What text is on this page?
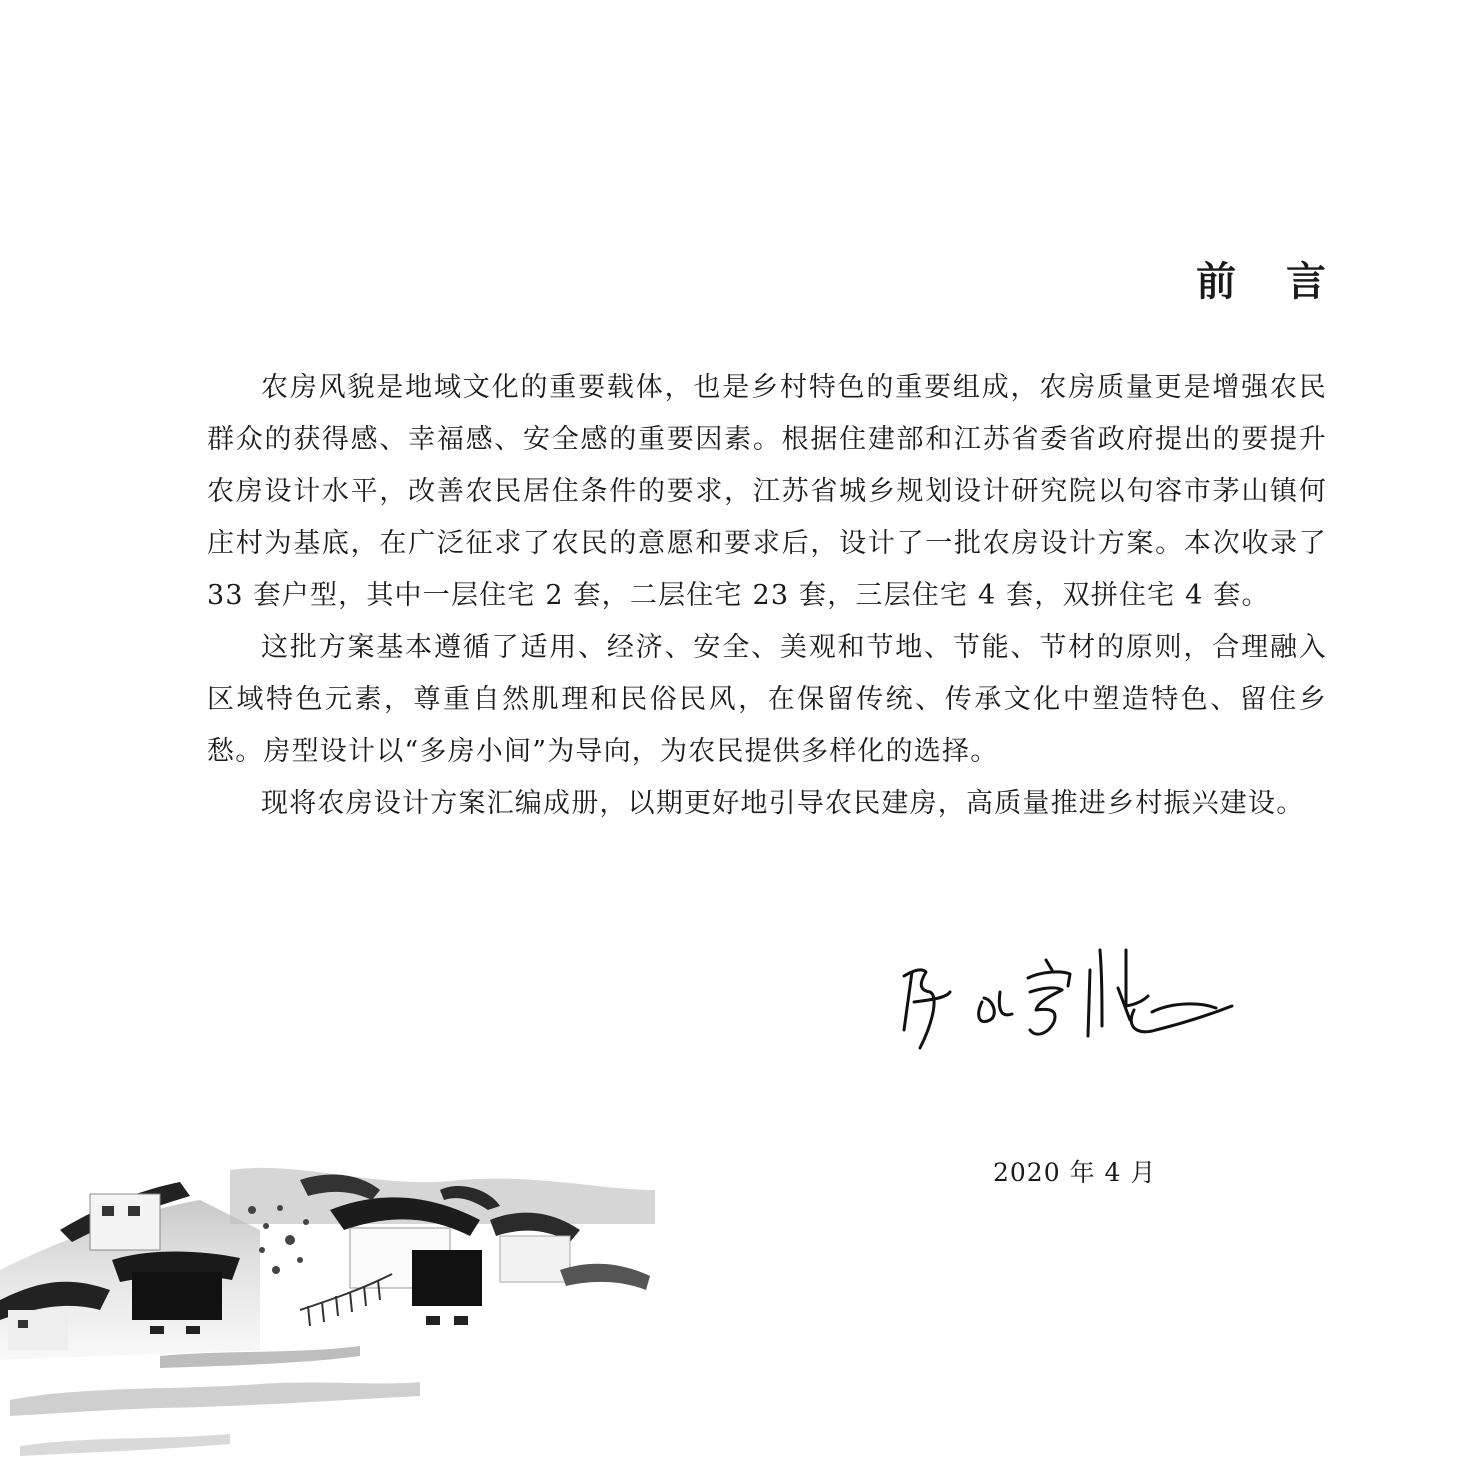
前 言

农房风貌是地域文化的重要载体，也是乡村特色的重要组成，农房质量更是增强农民群众的获得感、幸福感、安全感的重要因素。根据住建部和江苏省委省政府提出的要提升农房设计水平，改善农民居住条件的要求，江苏省城乡规划设计研究院以句容市茅山镇何庄村为基底，在广泛征求了农民的意愿和要求后，设计了一批农房设计方案。本次收录了 33 套户型，其中一层住宅 2 套，二层住宅 23 套，三层住宅 4 套，双拼住宅 4 套。

这批方案基本遵循了适用、经济、安全、美观和节地、节能、节材的原则，合理融入区域特色元素，尊重自然肌理和民俗民风，在保留传统、传承文化中塑造特色、留住乡愁。房型设计以“多房小间”为导向，为农民提供多样化的选择。

现将农房设计方案汇编成册，以期更好地引导农民建房，高质量推进乡村振兴建设。

2020 年 4 月
